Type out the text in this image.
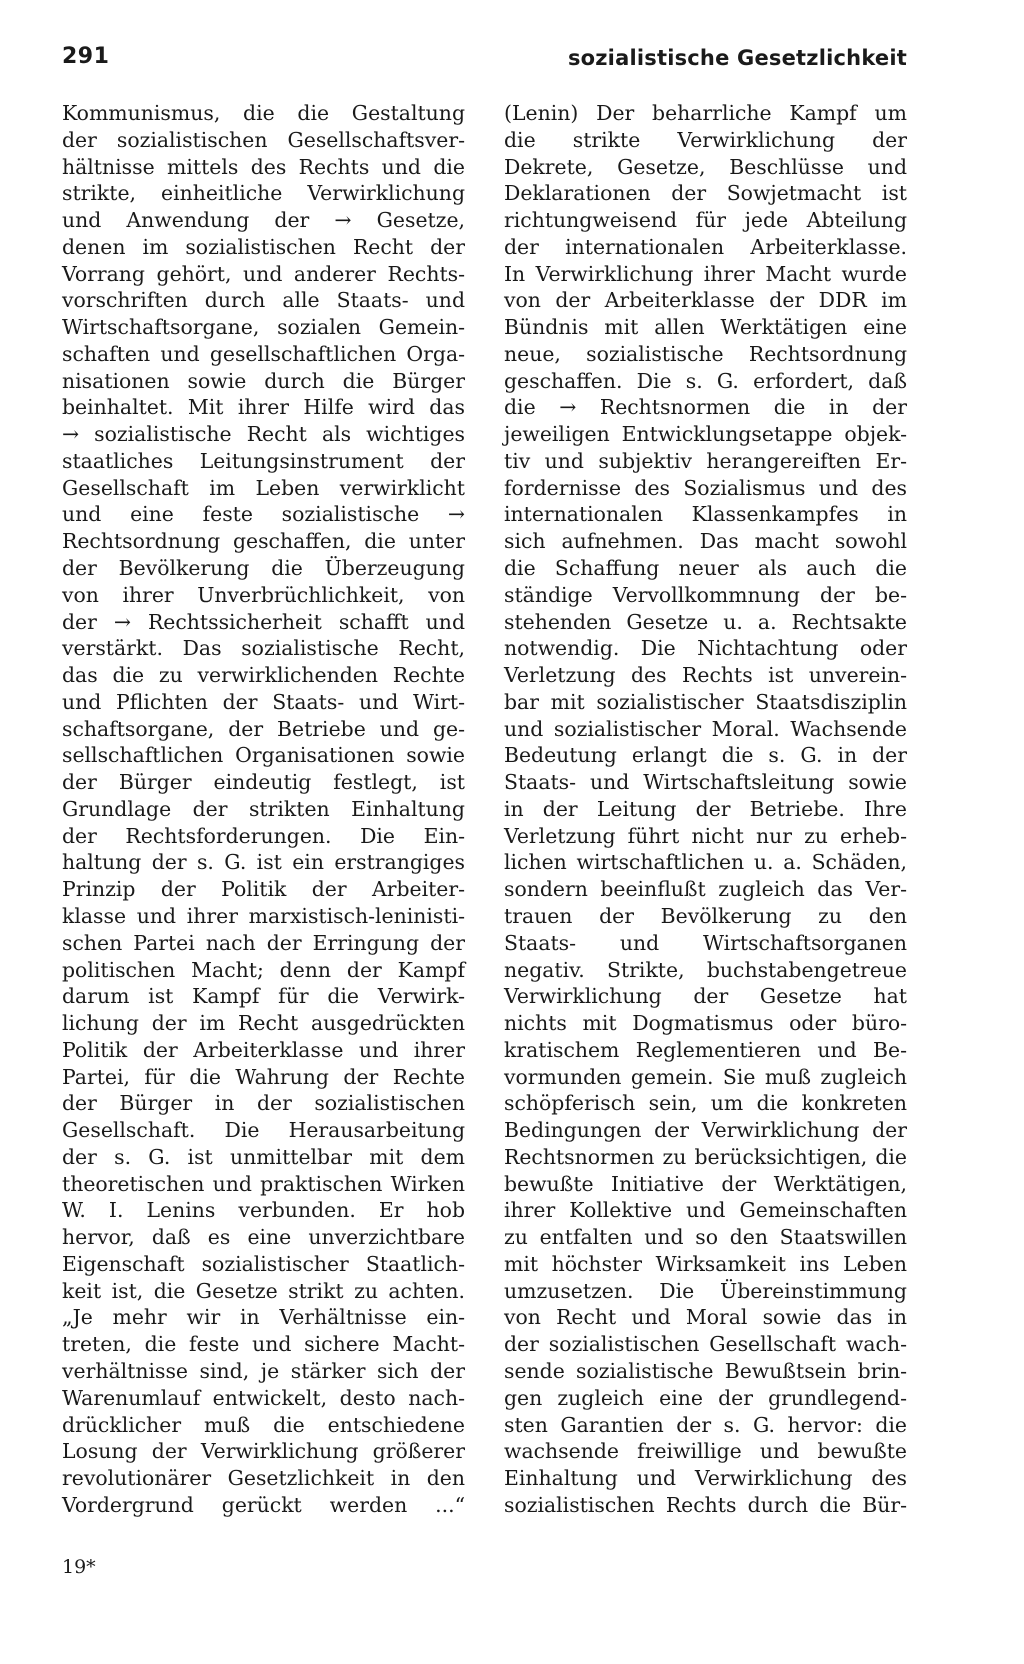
291	sozialistische Gesetzlichkeit
Kommunismus, die die Gestaltung
der sozialistischen Gesellschaftsver-
hältnisse mittels des Rechts und die
strikte, einheitliche Verwirklichung
und Anwendung der → Gesetze,
denen im sozialistischen Recht der
Vorrang gehört, und anderer Rechts-
vorschriften durch alle Staats- und
Wirtschaftsorgane, sozialen Gemein-
schaften und gesellschaftlichen Orga-
nisationen sowie durch die Bürger
beinhaltet. Mit ihrer Hilfe wird das
→ sozialistische Recht als wichtiges
staatliches Leitungsinstrument der
Gesellschaft im Leben verwirklicht
und eine feste sozialistische →
Rechtsordnung geschaffen, die unter
der Bevölkerung die Überzeugung
von ihrer Unverbrüchlichkeit, von
der → Rechtssicherheit schafft und
verstärkt. Das sozialistische Recht,
das die zu verwirklichenden Rechte
und Pflichten der Staats- und Wirt-
schaftsorgane, der Betriebe und ge-
sellschaftlichen Organisationen sowie
der Bürger eindeutig festlegt, ist
Grundlage der strikten Einhaltung
der Rechtsforderungen. Die Ein-
haltung der s. G. ist ein erstrangiges
Prinzip der Politik der Arbeiter-
klasse und ihrer marxistisch-leninisti-
schen Partei nach der Erringung der
politischen Macht; denn der Kampf
darum ist Kampf für die Verwirk-
lichung der im Recht ausgedrückten
Politik der Arbeiterklasse und ihrer
Partei, für die Wahrung der Rechte
der Bürger in der sozialistischen
Gesellschaft. Die Herausarbeitung
der s. G. ist unmittelbar mit dem
theoretischen und praktischen Wirken
W. I. Lenins verbunden. Er hob
hervor, daß es eine unverzichtbare
Eigenschaft sozialistischer Staatlich-
keit ist, die Gesetze strikt zu achten.
„Je mehr wir in Verhältnisse ein-
treten, die feste und sichere Macht-
verhältnisse sind, je stärker sich der
Warenumlauf entwickelt, desto nach-
drücklicher muß die entschiedene
Losung der Verwirklichung größerer
revolutionärer Gesetzlichkeit in den
Vordergrund gerückt werden ...“
(Lenin) Der beharrliche Kampf um
die strikte Verwirklichung der
Dekrete, Gesetze, Beschlüsse und
Deklarationen der Sowjetmacht ist
richtungweisend für jede Abteilung
der internationalen Arbeiterklasse.
In Verwirklichung ihrer Macht wurde
von der Arbeiterklasse der DDR im
Bündnis mit allen Werktätigen eine
neue, sozialistische Rechtsordnung
geschaffen. Die s. G. erfordert, daß
die → Rechtsnormen die in der
jeweiligen Entwicklungsetappe objek-
tiv und subjektiv herangereiften Er-
fordernisse des Sozialismus und des
internationalen Klassenkampfes in
sich aufnehmen. Das macht sowohl
die Schaffung neuer als auch die
ständige Vervollkommnung der be-
stehenden Gesetze u. a. Rechtsakte
notwendig. Die Nichtachtung oder
Verletzung des Rechts ist unverein-
bar mit sozialistischer Staatsdisziplin
und sozialistischer Moral. Wachsende
Bedeutung erlangt die s. G. in der
Staats- und Wirtschaftsleitung sowie
in der Leitung der Betriebe. Ihre
Verletzung führt nicht nur zu erheb-
lichen wirtschaftlichen u. a. Schäden,
sondern beeinflußt zugleich das Ver-
trauen der Bevölkerung zu den
Staats- und Wirtschaftsorganen
negativ. Strikte, buchstabengetreue
Verwirklichung der Gesetze hat
nichts mit Dogmatismus oder büro-
kratischem Reglementieren und Be-
vormunden gemein. Sie muß zugleich
schöpferisch sein, um die konkreten
Bedingungen der Verwirklichung der
Rechtsnormen zu berücksichtigen, die
bewußte Initiative der Werktätigen,
ihrer Kollektive und Gemeinschaften
zu entfalten und so den Staatswillen
mit höchster Wirksamkeit ins Leben
umzusetzen. Die Übereinstimmung
von Recht und Moral sowie das in
der sozialistischen Gesellschaft wach-
sende sozialistische Bewußtsein brin-
gen zugleich eine der grundlegend-
sten Garantien der s. G. hervor: die
wachsende freiwillige und bewußte
Einhaltung und Verwirklichung des
sozialistischen Rechts durch die Bür-
19*
